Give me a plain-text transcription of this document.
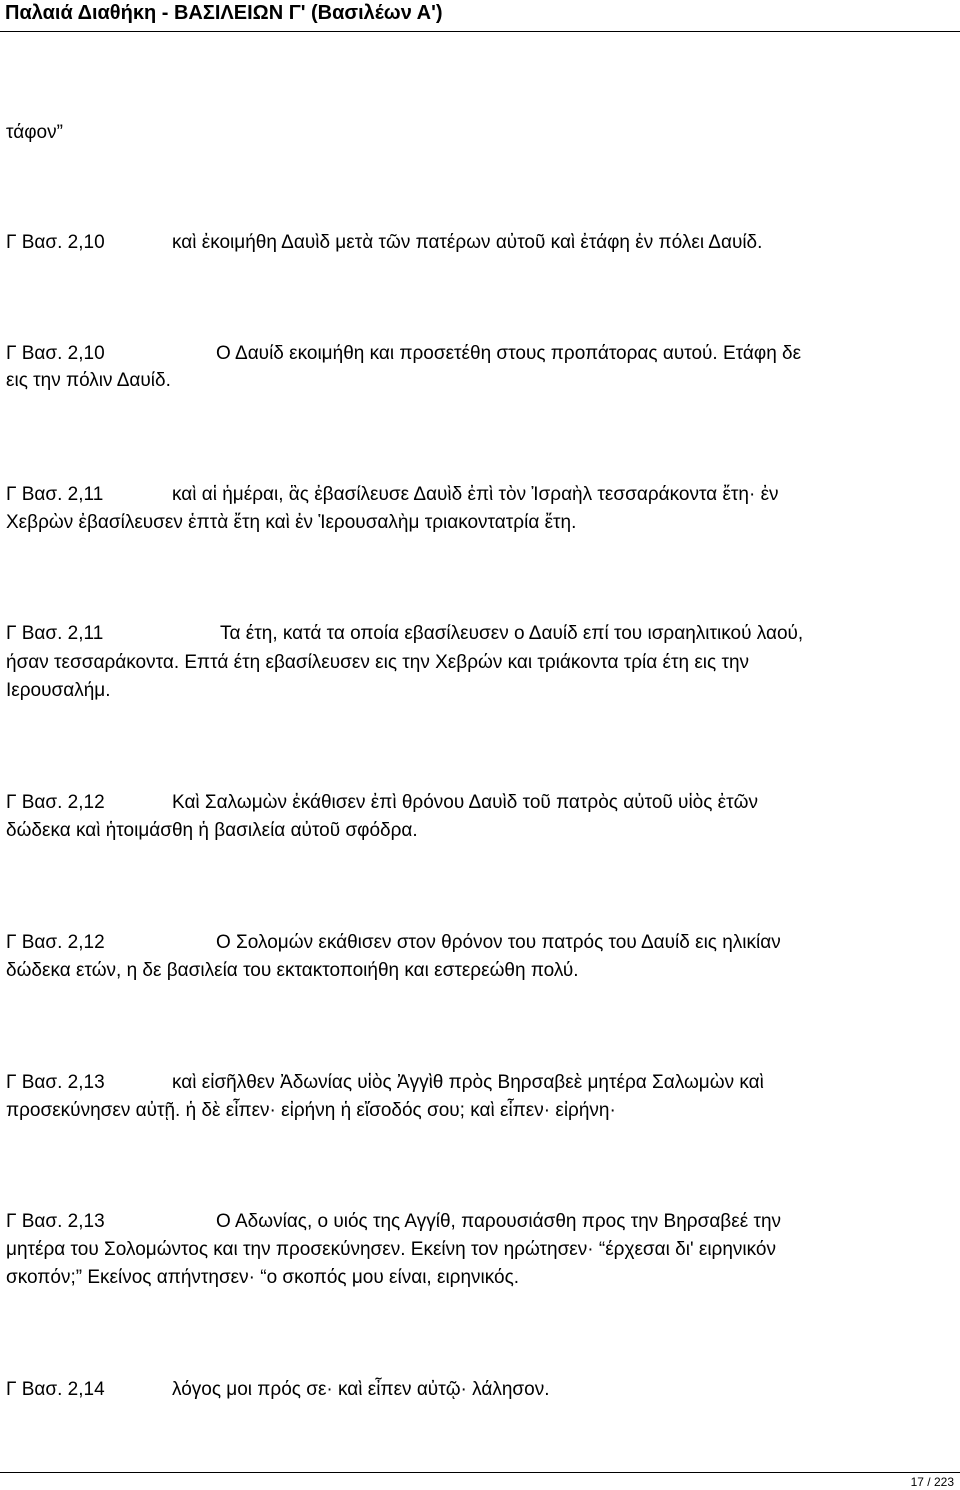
Παλαιά Διαθήκη - ΒΑΣΙΛΕΙΩΝ Γ' (Βασιλέων Α')
τάφον”
Γ Βασ. 2,10	καὶ ἐκοιμήθη Δαυὶδ μετὰ τῶν πατέρων αὐτοῦ καὶ ἐτάφη ἐν πόλει Δαυίδ.
Γ Βασ. 2,10	Ο Δαυίδ εκοιμήθη και προσετέθη στους προπάτορας αυτού. Ετάφη δε
εις την πόλιν Δαυίδ.
Γ Βασ. 2,11	καὶ αἱ ἡμέραι, ἃς ἐβασίλευσε Δαυὶδ ἐπὶ τὸν Ἰσραὴλ τεσσαράκοντα ἔτη· ἐν
Χεβρὼν ἐβασίλευσεν ἑπτὰ ἔτη καὶ ἐν Ἱερουσαλὴμ τριακοντατρία ἔτη.
Γ Βασ. 2,11	Τα έτη, κατά τα οποία εβασίλευσεν ο Δαυίδ επί του ισραηλιτικού λαού,
ήσαν τεσσαράκοντα. Επτά έτη εβασίλευσεν εις την Χεβρών και τριάκοντα τρία έτη εις την
Ιερουσαλήμ.
Γ Βασ. 2,12	Καὶ Σαλωμὼν ἐκάθισεν ἐπὶ θρόνου Δαυὶδ τοῦ πατρὸς αὐτοῦ υἱὸς ἐτῶν
δώδεκα καὶ ἡτοιμάσθη ἡ βασιλεία αὐτοῦ σφόδρα.
Γ Βασ. 2,12	Ο Σολομών εκάθισεν στον θρόνον του πατρός του Δαυίδ εις ηλικίαν
δώδεκα ετών, η δε βασιλεία του εκτακτοποιήθη και εστερεώθη πολύ.
Γ Βασ. 2,13	καὶ εἰσῆλθεν Ἀδωνίας υἱὸς Ἀγγὶθ πρὸς Βηρσαβεὲ μητέρα Σαλωμὼν καὶ
προσεκύνησεν αὐτῇ. ἡ δὲ εἶπεν· εἰρήνη ἡ εἴσοδός σου; καὶ εἶπεν· εἰρήνη·
Γ Βασ. 2,13	Ο Αδωνίας, ο υιός της Αγγίθ, παρουσιάσθη προς την Βηρσαβεέ την
μητέρα του Σολομώντος και την προσεκύνησεν. Εκείνη τον ηρώτησεν· “έρχεσαι δι' ειρηνικόν
σκοπόν;” Εκείνος απήντησεν· “ο σκοπός μου είναι, ειρηνικός.
Γ Βασ. 2,14	λόγος μοι πρός σε· καὶ εἶπεν αὐτῷ· λάλησον.
17 / 223
